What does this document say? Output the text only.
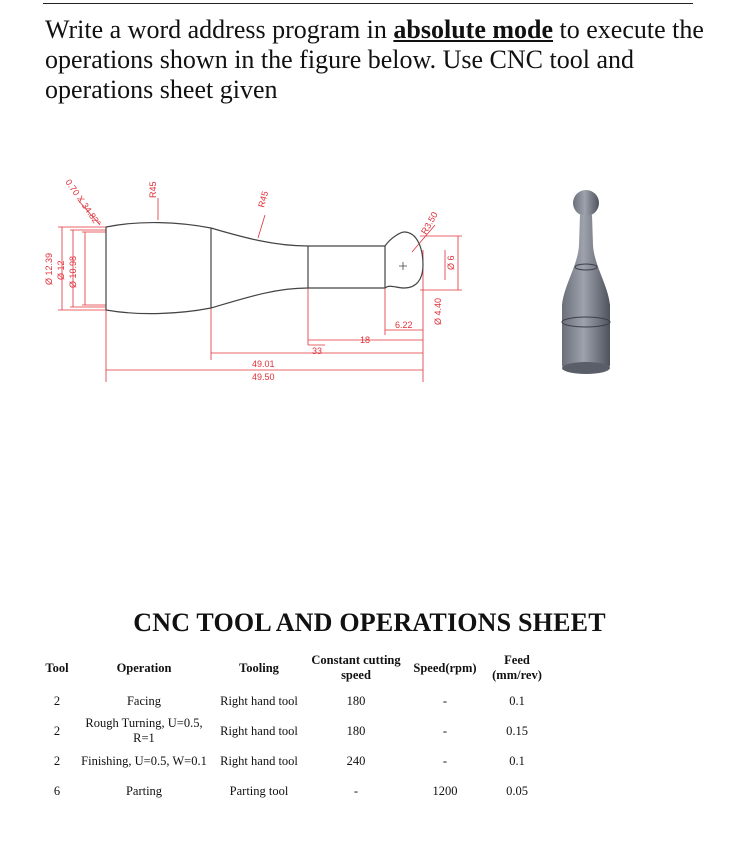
Write a word address program in absolute mode to execute the operations shown in the figure below. Use CNC tool and operations sheet given
0.70 X 34.82°	R45
R45
R3.50
Ø 12.39 Ø 12 Ø 10.98	Ø 6
Ø 4.40
6.22
18
33
49.01
49.50
CNC TOOL AND OPERATIONS SHEET
Tool	Operation	Tooling	Constant cutting speed	Speed(rpm)	Feed (mm/rev)
2	Facing	Right hand tool	180	-	0.1
2	Rough Turning, U=0.5, R=1	Right hand tool	180	-	0.15
2	Finishing, U=0.5, W=0.1	Right hand tool	240	-	0.1
6	Parting	Parting tool	-	1200	0.05
